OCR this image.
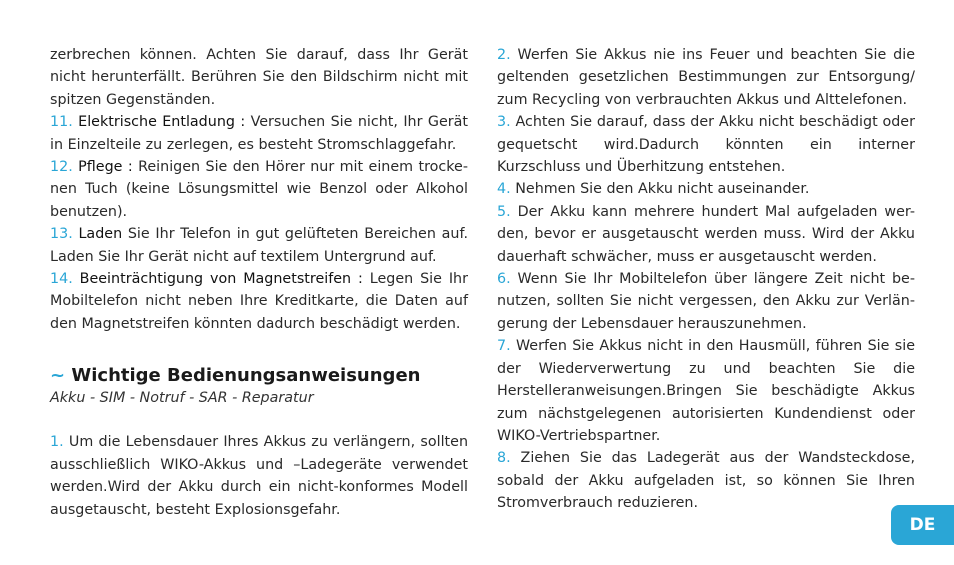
zerbrechen können. Achten Sie darauf, dass Ihr Gerät nicht herunterfällt. Berühren Sie den Bildschirm nicht mit spitzen Gegenständen.

11. Elektrische Entladung : Versuchen Sie nicht, Ihr Gerät in Einzelteile zu zerlegen, es besteht Stromschlaggefahr.

12. Pflege : Reinigen Sie den Hörer nur mit einem trocke-nen Tuch (keine Lösungsmittel wie Benzol oder Alkohol benutzen).

13. Laden Sie Ihr Telefon in gut gelüfteten Bereichen auf. Laden Sie Ihr Gerät nicht auf textilem Untergrund auf.

14. Beeinträchtigung von Magnetstreifen : Legen Sie Ihr Mobiltelefon nicht neben Ihre Kreditkarte, die Daten auf den Magnetstreifen könnten dadurch beschädigt werden.

~ Wichtige Bedienungsanweisungen

Akku - SIM - Notruf - SAR - Reparatur

1. Um die Lebensdauer Ihres Akkus zu verlängern, sollten ausschließlich WIKO-Akkus und –Ladegeräte verwendet werden.Wird der Akku durch ein nicht-konformes Modell ausgetauscht, besteht Explosionsgefahr.

2. Werfen Sie Akkus nie ins Feuer und beachten Sie die geltenden gesetzlichen Bestimmungen zur Entsorgung/ zum Recycling von verbrauchten Akkus und Alttelefonen.

3. Achten Sie darauf, dass der Akku nicht beschädigt oder gequetscht wird.Dadurch könnten ein interner Kurzschluss und Überhitzung entstehen.

4. Nehmen Sie den Akku nicht auseinander.

5. Der Akku kann mehrere hundert Mal aufgeladen wer-den, bevor er ausgetauscht werden muss. Wird der Akku dauerhaft schwächer, muss er ausgetauscht werden.

6. Wenn Sie Ihr Mobiltelefon über längere Zeit nicht be-nutzen, sollten Sie nicht vergessen, den Akku zur Verlän-gerung der Lebensdauer herauszunehmen.

7. Werfen Sie Akkus nicht in den Hausmüll, führen Sie sie der Wiederverwertung zu und beachten Sie die Herstelleranweisungen.Bringen Sie beschädigte Akkus zum nächstgelegenen autorisierten Kundendienst oder WIKO-Vertriebspartner.

8. Ziehen Sie das Ladegerät aus der Wandsteckdose, sobald der Akku aufgeladen ist, so können Sie Ihren Stromverbrauch reduzieren.

DE
